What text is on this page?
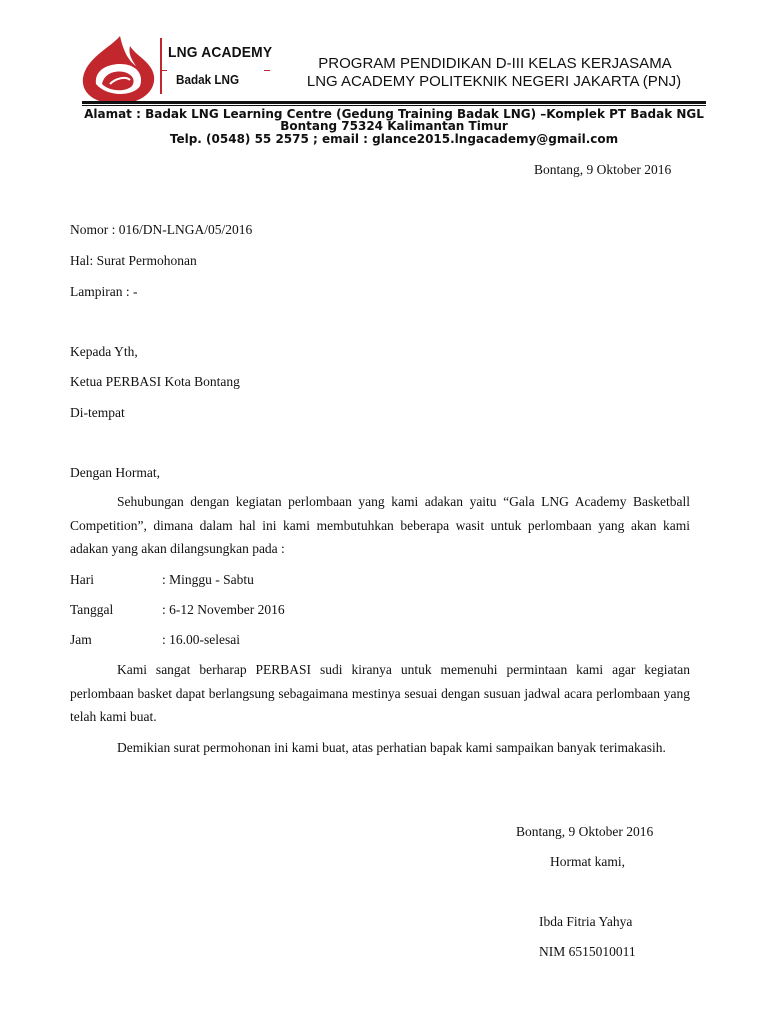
LNG ACADEMY
Badak LNG
PROGRAM PENDIDIKAN D-III KELAS KERJASAMA
LNG ACADEMY POLITEKNIK NEGERI JAKARTA (PNJ)
Alamat : Badak LNG Learning Centre (Gedung Training Badak LNG) –Komplek PT Badak NGL
Bontang 75324 Kalimantan Timur
Telp. (0548) 55 2575 ; email : glance2015.lngacademy@gmail.com
Bontang, 9 Oktober 2016
Nomor : 016/DN-LNGA/05/2016
Hal: Surat Permohonan
Lampiran : -
Kepada Yth,
Ketua PERBASI Kota Bontang
Di-tempat
Dengan Hormat,

Sehubungan dengan kegiatan perlombaan yang kami adakan yaitu “Gala LNG Academy Basketball Competition”, dimana dalam hal ini kami membutuhkan beberapa wasit untuk perlombaan yang akan kami adakan yang akan dilangsungkan pada :

Hari	: Minggu - Sabtu
Tanggal	: 6-12 November 2016
Jam	: 16.00-selesai

Kami sangat berharap PERBASI sudi kiranya untuk memenuhi permintaan kami agar kegiatan perlombaan basket dapat berlangsung sebagaimana mestinya sesuai dengan susuan jadwal acara perlombaan yang telah kami buat.

Demikian surat permohonan ini kami buat, atas perhatian bapak kami sampaikan banyak terimakasih.

Bontang, 9 Oktober 2016
Hormat kami,
Ibda Fitria Yahya
NIM 6515010011
